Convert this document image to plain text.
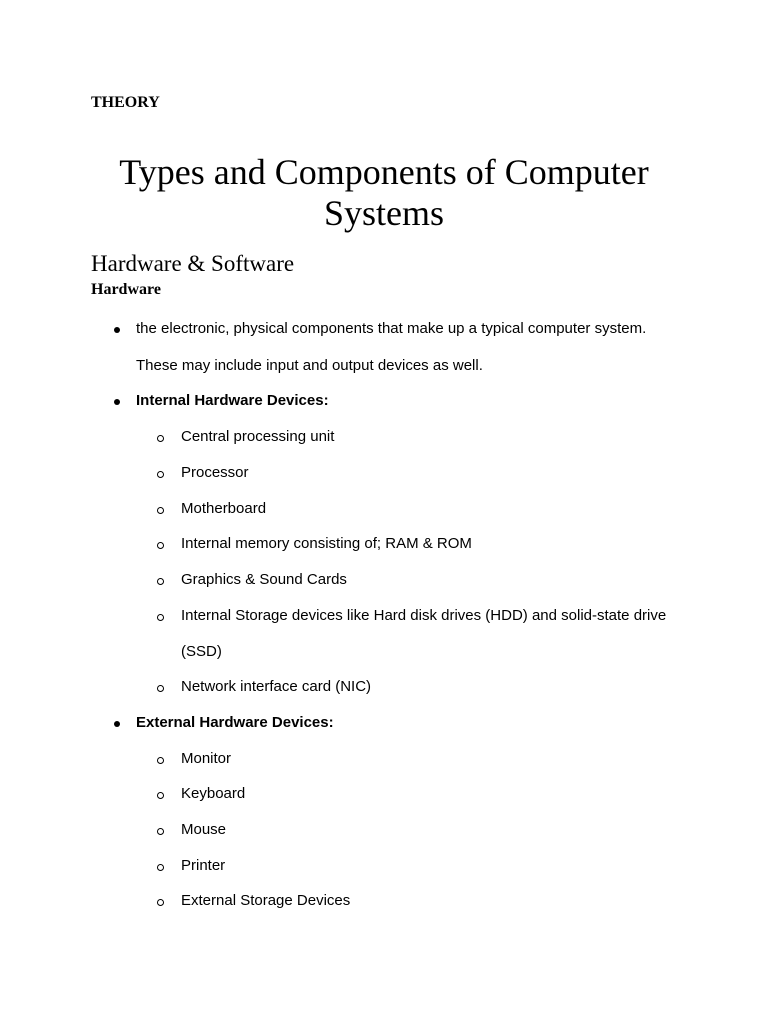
THEORY
Types and Components of Computer
Systems
Hardware & Software
Hardware
the electronic, physical components that make up a typical computer system.
These may include input and output devices as well.
Internal Hardware Devices:
Central processing unit
Processor
Motherboard
Internal memory consisting of; RAM & ROM
Graphics & Sound Cards
Internal Storage devices like Hard disk drives (HDD) and solid-state drive
(SSD)
Network interface card (NIC)
External Hardware Devices:
Monitor
Keyboard
Mouse
Printer
External Storage Devices
